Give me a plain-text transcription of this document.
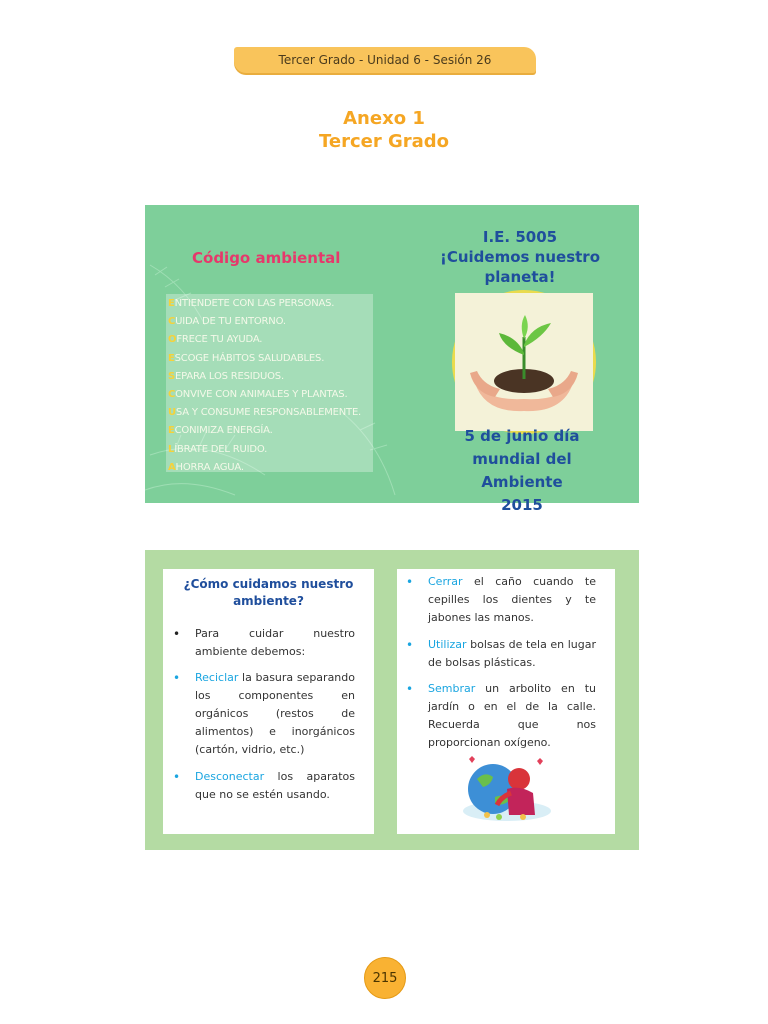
Tercer Grado - Unidad 6 - Sesión 26
Anexo 1
Tercer Grado
Código ambiental
ENTIENDETE CON LAS PERSONAS.
CUIDA DE TU ENTORNO.
OFRECE TU AYUDA.
ESCOGE HÁBITOS SALUDABLES.
SEPARA LOS RESIDUOS.
CONVIVE CON ANIMALES Y PLANTAS.
USA Y CONSUME RESPONSABLEMENTE.
ECONIMIZA ENERGÍA.
LÍBRATE DEL RUIDO.
AHORRA AGUA.
I.E. 5005
¡Cuidemos nuestro
planeta!
5 de junio día
mundial del Ambiente
2015
¿Cómo cuidamos nuestro
ambiente?
• Para cuidar nuestro ambiente debemos:
• Reciclar la basura separando los componentes en orgánicos (restos de alimentos) e inorgánicos (cartón, vidrio, etc.)
• Desconectar los aparatos que no se estén usando.
• Cerrar el caño cuando te cepilles los dientes y te jabones las manos.
• Utilizar bolsas de tela en lugar de bolsas plásticas.
• Sembrar un arbolito en tu jardín o en el de la calle. Recuerda que nos proporcionan oxígeno.
215
